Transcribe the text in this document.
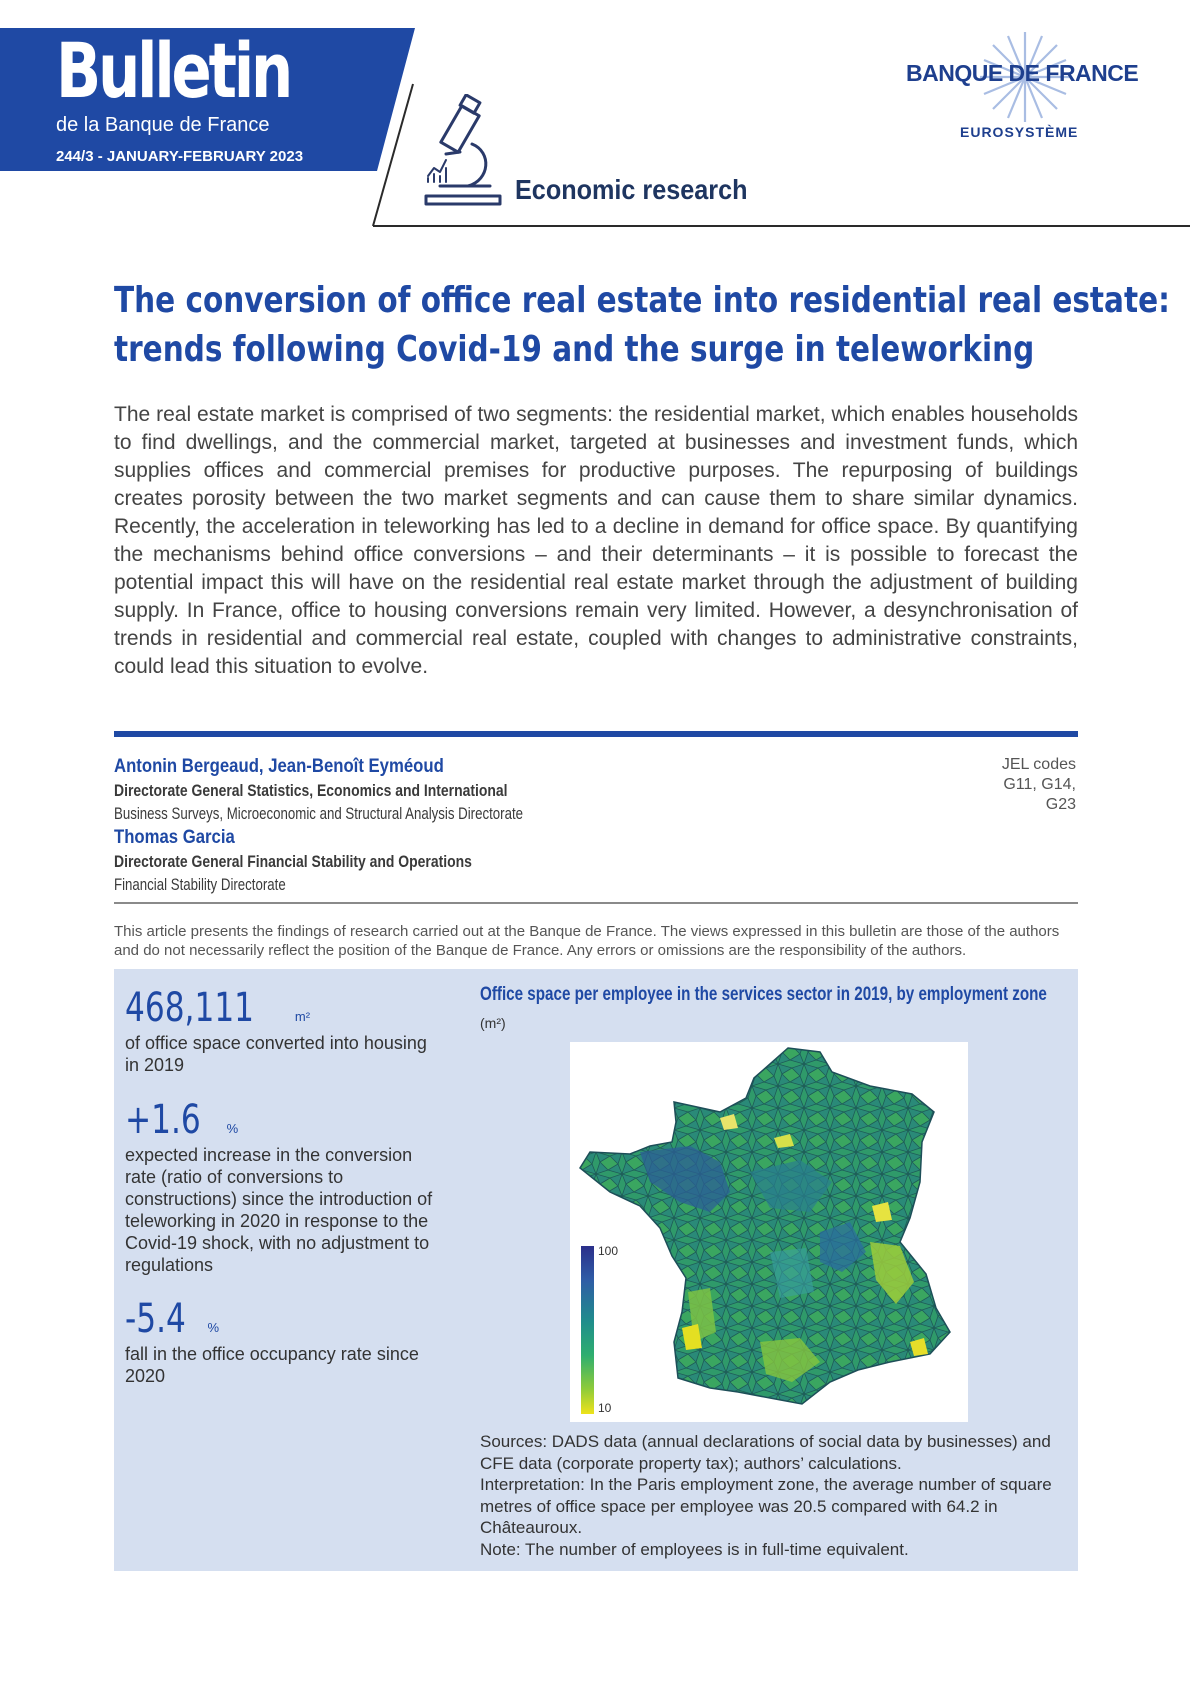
Bulletin
de la Banque de France
244/3 - JANUARY-FEBRUARY 2023
Economic research
BANQUE DE FRANCE
EUROSYSTÈME
The conversion of office real estate into residential real estate:
trends following Covid-19 and the surge in teleworking

The real estate market is comprised of two segments: the residential market, which enables households to find dwellings, and the commercial market, targeted at businesses and investment funds, which supplies offices and commercial premises for productive purposes. The repurposing of buildings creates porosity between the two market segments and can cause them to share similar dynamics. Recently, the acceleration in teleworking has led to a decline in demand for office space. By quantifying the mechanisms behind office conversions – and their determinants – it is possible to forecast the potential impact this will have on the residential real estate market through the adjustment of building supply. In France, office to housing conversions remain very limited. However, a desynchronisation of trends in residential and commercial real estate, coupled with changes to administrative constraints, could lead this situation to evolve.

Antonin Bergeaud, Jean-Benoît Eyméoud
Directorate General Statistics, Economics and International
Business Surveys, Microeconomic and Structural Analysis Directorate
Thomas Garcia
Directorate General Financial Stability and Operations
Financial Stability Directorate
JEL codes
G11, G14,
G23

This article presents the findings of research carried out at the Banque de France. The views expressed in this bulletin are those of the authors and do not necessarily reflect the position of the Banque de France. Any errors or omissions are the responsibility of the authors.

468,111	m²
of office space converted into housing in 2019
+1.6 %
expected increase in the conversion rate (ratio of conversions to constructions) since the introduction of teleworking in 2020 in response to the Covid-19 shock, with no adjustment to regulations
-5.4 %
fall in the office occupancy rate since 2020
Office space per employee in the services sector in 2019, by employment zone
(m²)
100
10
Sources: DADS data (annual declarations of social data by businesses) and CFE data (corporate property tax); authors’ calculations.
Interpretation: In the Paris employment zone, the average number of square metres of office space per employee was 20.5 compared with 64.2 in Châteauroux.
Note: The number of employees is in full-time equivalent.
